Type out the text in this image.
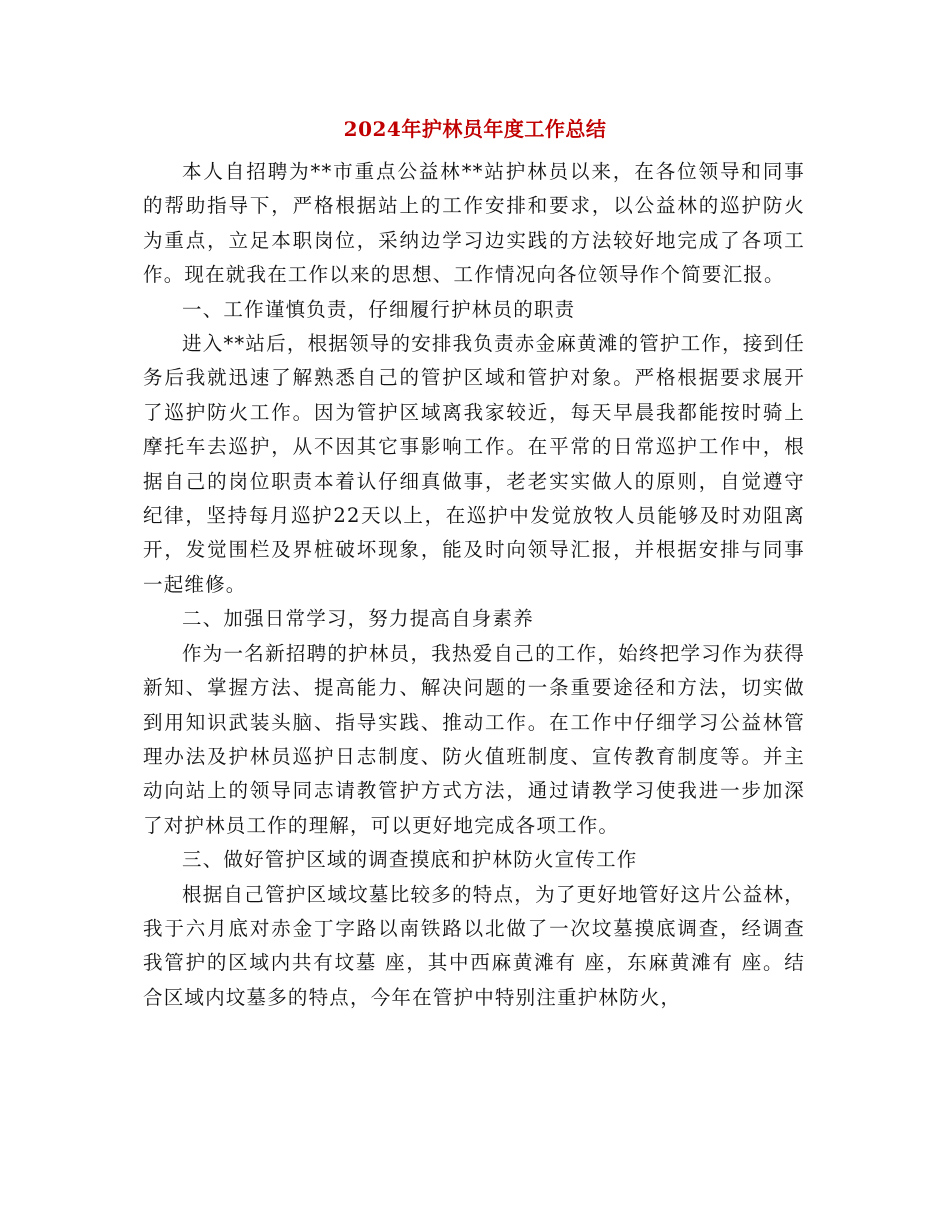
2024年护林员年度工作总结

本人自招聘为**市重点公益林**站护林员以来，在各位领导和同事的帮助指导下，严格根据站上的工作安排和要求，以公益林的巡护防火为重点，立足本职岗位，采纳边学习边实践的方法较好地完成了各项工作。现在就我在工作以来的思想、工作情况向各位领导作个简要汇报。

一、工作谨慎负责，仔细履行护林员的职责

进入**站后，根据领导的安排我负责赤金麻黄滩的管护工作，接到任务后我就迅速了解熟悉自己的管护区域和管护对象。严格根据要求展开了巡护防火工作。因为管护区域离我家较近，每天早晨我都能按时骑上摩托车去巡护，从不因其它事影响工作。在平常的日常巡护工作中，根据自己的岗位职责本着认仔细真做事，老老实实做人的原则，自觉遵守纪律，坚持每月巡护22天以上，在巡护中发觉放牧人员能够及时劝阻离开，发觉围栏及界桩破坏现象，能及时向领导汇报，并根据安排与同事一起维修。

二、加强日常学习，努力提高自身素养

作为一名新招聘的护林员，我热爱自己的工作，始终把学习作为获得新知、掌握方法、提高能力、解决问题的一条重要途径和方法，切实做到用知识武装头脑、指导实践、推动工作。在工作中仔细学习公益林管理办法及护林员巡护日志制度、防火值班制度、宣传教育制度等。并主动向站上的领导同志请教管护方式方法，通过请教学习使我进一步加深了对护林员工作的理解，可以更好地完成各项工作。

三、做好管护区域的调查摸底和护林防火宣传工作

根据自己管护区域坟墓比较多的特点，为了更好地管好这片公益林，我于六月底对赤金丁字路以南铁路以北做了一次坟墓摸底调查，经调查我管护的区域内共有坟墓 座，其中西麻黄滩有 座，东麻黄滩有 座。结合区域内坟墓多的特点，今年在管护中特别注重护林防火，
